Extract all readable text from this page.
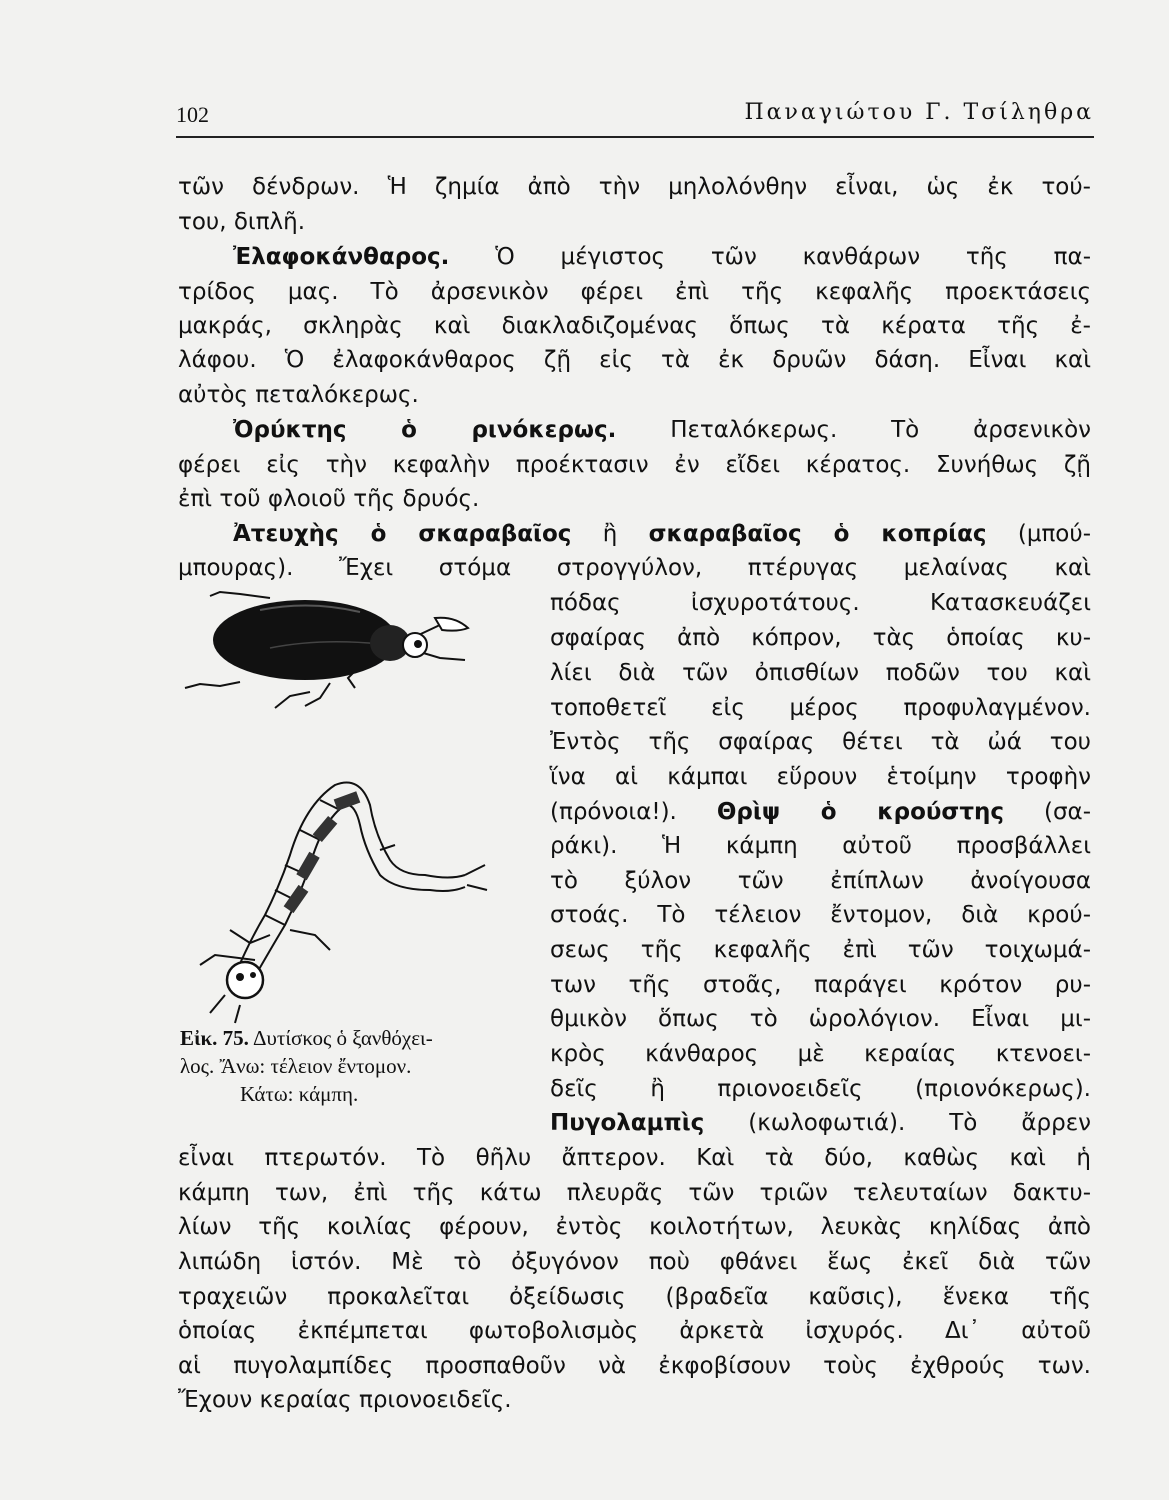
102	Παναγιώτου Γ. Τσίληθρα
τῶν δένδρων. Ἡ ζημία ἀπὸ τὴν μηλολόνθην εἶναι, ὡς ἐκ τού-
του, διπλῆ.
Ἐλαφοκάνθαρος. Ὁ μέγιστος τῶν κανθάρων τῆς πα-
τρίδος μας. Τὸ ἀρσενικὸν φέρει ἐπὶ τῆς κεφαλῆς προεκτάσεις
μακράς, σκληρὰς καὶ διακλαδιζομένας ὅπως τὰ κέρατα τῆς ἐ-
λάφου. Ὁ ἐλαφοκάνθαρος ζῇ εἰς τὰ ἐκ δρυῶν δάση. Εἶναι καὶ
αὐτὸς πεταλόκερως.
Ὀρύκτης ὁ ρινόκερως. Πεταλόκερως. Τὸ ἀρσενικὸν
φέρει εἰς τὴν κεφαλὴν προέκτασιν ἐν εἴδει κέρατος. Συνήθως ζῇ
ἐπὶ τοῦ φλοιοῦ τῆς δρυός.
Ἀτευχὴς ὁ σκαραβαῖος ἢ σκαραβαῖος ὁ κοπρίας (μπού-
μπουρας). Ἔχει στόμα στρογγύλον, πτέρυγας μελαίνας καὶ
πόδας ἰσχυροτάτους. Κατασκευάζει
σφαίρας ἀπὸ κόπρον, τὰς ὁποίας κυ-
λίει διὰ τῶν ὀπισθίων ποδῶν του καὶ
τοποθετεῖ εἰς μέρος προφυλαγμένον.
Ἐντὸς τῆς σφαίρας θέτει τὰ ὠά του
ἵνα αἱ κάμπαι εὕρουν ἑτοίμην τροφὴν
(πρόνοια!). Θρὶψ ὁ κρούστης (σα-
ράκι). Ἡ κάμπη αὐτοῦ προσβάλλει
τὸ ξύλον τῶν ἐπίπλων ἀνοίγουσα
στοάς. Τὸ τέλειον ἔντομον, διὰ κρού-
σεως τῆς κεφαλῆς ἐπὶ τῶν τοιχωμά-
των τῆς στοᾶς, παράγει κρότον ρυ-
θμικὸν ὅπως τὸ ὡρολόγιον. Εἶναι μι-
κρὸς κάνθαρος μὲ κεραίας κτενοει-
δεῖς ἢ πριονοειδεῖς (πριονόκερως).
Πυγολαμπὶς (κωλοφωτιά). Τὸ ἄρρεν
εἶναι πτερωτόν. Τὸ θῆλυ ἄπτερον. Καὶ τὰ δύο, καθὼς καὶ ἡ
κάμπη των, ἐπὶ τῆς κάτω πλευρᾶς τῶν τριῶν τελευταίων δακτυ-
λίων τῆς κοιλίας φέρουν, ἐντὸς κοιλοτήτων, λευκὰς κηλίδας ἀπὸ
λιπώδη ἱστόν. Μὲ τὸ ὀξυγόνον ποὺ φθάνει ἕως ἐκεῖ διὰ τῶν
τραχειῶν προκαλεῖται ὀξείδωσις (βραδεῖα καῦσις), ἕνεκα τῆς
ὁποίας ἐκπέμπεται φωτοβολισμὸς ἀρκετὰ ἰσχυρός. Δι᾿ αὐτοῦ
αἱ πυγολαμπίδες προσπαθοῦν νὰ ἐκφοβίσουν τοὺς ἐχθρούς των.
Ἔχουν κεραίας πριονοειδεῖς.
Εἰκ. 75. Δυτίσκος ὁ ξανθόχει-
λος. Ἄνω: τέλειον ἔντομον.
Κάτω: κάμπη.
